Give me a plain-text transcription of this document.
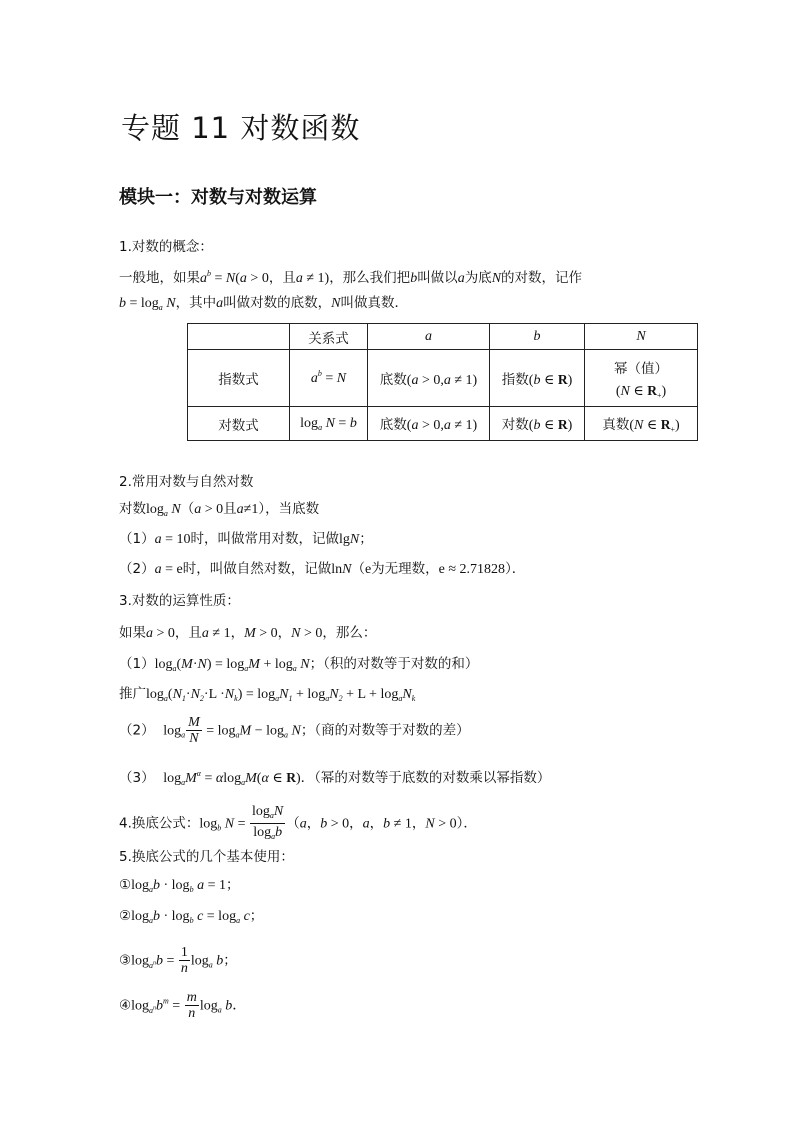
专题 11 对数函数
模块一：对数与对数运算
1.对数的概念：
一般地，如果$a^b = N(a > 0$，且a ≠ 1)，那么我们把b叫做以a为底N的对数，记作
$b = \log_a N$，其中a叫做对数的底数，N叫做真数．
	关系式	a	b	N
指数式	$a^b = N$	底数(a > 0,a ≠ 1)	指数(b ∈ R)	幂（值）
(N ∈ $R_+$)

对数式	$\log_a N = b$	底数(a > 0,a ≠ 1)	对数(b ∈ R)	真数(N ∈ $R_+$)
2.常用对数与自然对数
对数$\log_a N(a > 0$且a≠1），当底数
（1）a = 10时，叫做常用对数，记做lgN；
（2）a = e时，叫做自然对数，记做lnN（e为无理数，e ≈ 2.71828）．
3.对数的运算性质：
如果a > 0，且a ≠ 1，M > 0，N > 0，那么：
$(1)\log_a(M\cdot N) = \log_aM + \log_a N$；（积的对数等于对数的和）
推广$\log_a(N_1\cdot N_2\cdot L \cdot N_k) = \log_aN_1 + \log_aN_2 + L + \log_aN_k$
（2） $\log_a \frac{M}{N} = \log_aM - \log_a N$；（商的对数等于对数的差）
（3） $\log_aM^\alpha = \alpha\log_aM(\alpha$ ∈ R)．（幂的对数等于底数的对数乘以幂指数）
4.换底公式：$\log_b N = \frac{\log_aN}{\log_ab} (a$，b > 0，a，b ≠ 1，N > 0）．
5.换底公式的几个基本使用：
$①\log_ab \cdot \log_b a = 1$；
$②\log_ab \cdot \log_b c = \log_a c$；
$③\log_{a^n}b = \frac{1}{n} \log_a b$；
$④\log_{a^n}b^m = \frac{m}{n} \log_a b$．
